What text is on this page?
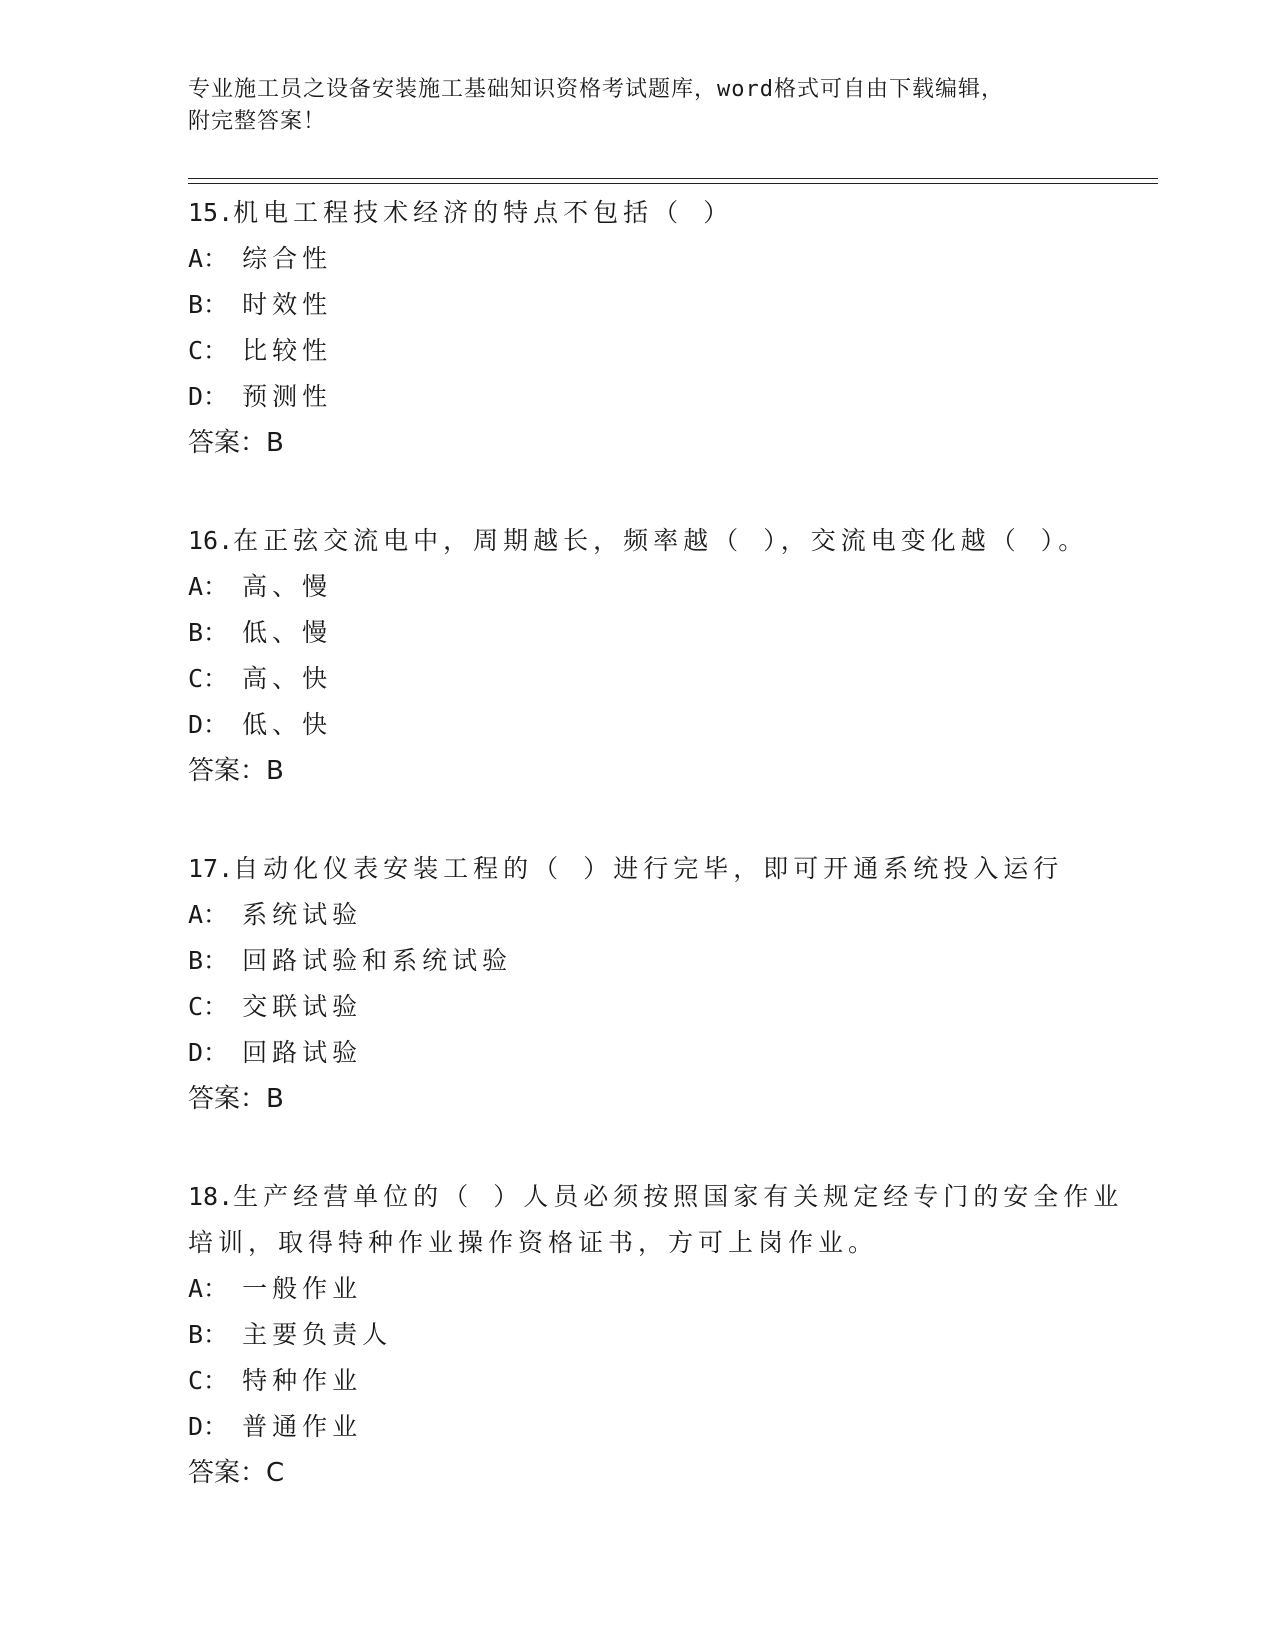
专业施工员之设备安装施工基础知识资格考试题库，word格式可自由下载编辑，
附完整答案！

15.机电工程技术经济的特点不包括（ ）

A： 综合性

B： 时效性

C： 比较性

D： 预测性

答案：B

16.在正弦交流电中，周期越长，频率越（ ），交流电变化越（ ）。

A： 高、慢

B： 低、慢

C： 高、快

D： 低、快

答案：B

17.自动化仪表安装工程的（ ）进行完毕，即可开通系统投入运行

A： 系统试验

B： 回路试验和系统试验

C： 交联试验

D： 回路试验

答案：B

18.生产经营单位的（ ）人员必须按照国家有关规定经专门的安全作业培训，取得特种作业操作资格证书，方可上岗作业。

A： 一般作业

B： 主要负责人

C： 特种作业

D： 普通作业

答案：C
